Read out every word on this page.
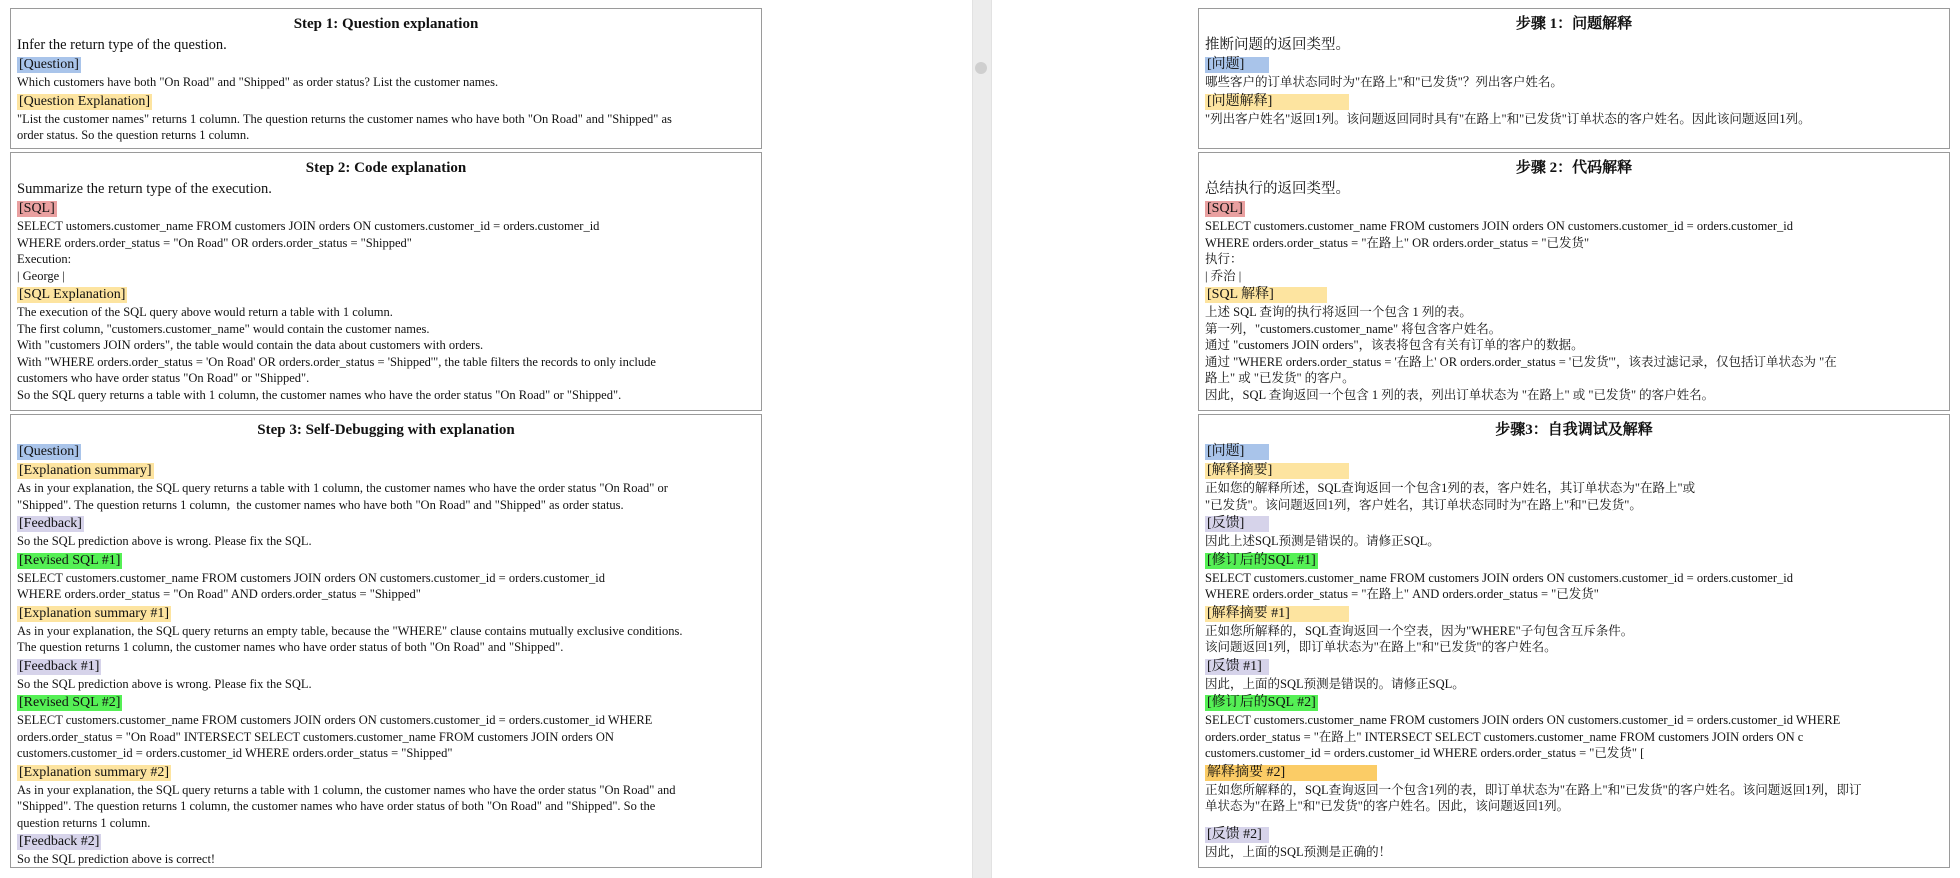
Step 1: Question explanation
Infer the return type of the question.
[Question]
Which customers have both "On Road" and "Shipped" as order status? List the customer names.
[Question Explanation]
"List the customer names" returns 1 column. The question returns the customer names who have both "On Road" and "Shipped" as
order status. So the question returns 1 column.
Step 2: Code explanation
Summarize the return type of the execution.
[SQL]
SELECT ustomers.customer_name FROM customers JOIN orders ON customers.customer_id = orders.customer_id
WHERE orders.order_status = "On Road" OR orders.order_status = "Shipped"
Execution:
| George |
[SQL Explanation]
The execution of the SQL query above would return a table with 1 column.
The first column, "customers.customer_name" would contain the customer names.
With "customers JOIN orders", the table would contain the data about customers with orders.
With "WHERE orders.order_status = 'On Road' OR orders.order_status = 'Shipped'", the table filters the records to only include
customers who have order status "On Road" or "Shipped".
So the SQL query returns a table with 1 column, the customer names who have the order status "On Road" or "Shipped".
Step 3: Self-Debugging with explanation
[Question]
[Explanation summary]
As in your explanation, the SQL query returns a table with 1 column, the customer names who have the order status "On Road" or
"Shipped". The question returns 1 column,  the customer names who have both "On Road" and "Shipped" as order status.
[Feedback]
So the SQL prediction above is wrong. Please fix the SQL.
[Revised SQL #1]
SELECT customers.customer_name FROM customers JOIN orders ON customers.customer_id = orders.customer_id
WHERE orders.order_status = "On Road" AND orders.order_status = "Shipped"
[Explanation summary #1]
As in your explanation, the SQL query returns an empty table, because the "WHERE" clause contains mutually exclusive conditions.
The question returns 1 column, the customer names who have order status of both "On Road" and "Shipped".
[Feedback #1]
So the SQL prediction above is wrong. Please fix the SQL.
[Revised SQL #2]
SELECT customers.customer_name FROM customers JOIN orders ON customers.customer_id = orders.customer_id WHERE
orders.order_status = "On Road" INTERSECT SELECT customers.customer_name FROM customers JOIN orders ON
customers.customer_id = orders.customer_id WHERE orders.order_status = "Shipped"
[Explanation summary #2]
As in your explanation, the SQL query returns a table with 1 column, the customer names who have the order status "On Road" and
"Shipped". The question returns 1 column, the customer names who have order status of both "On Road" and "Shipped". So the
question returns 1 column.
[Feedback #2]
So the SQL prediction above is correct!
步骤 1：问题解释
推断问题的返回类型。
[问题]
哪些客户的订单状态同时为"在路上"和"已发货"？列出客户姓名。
[问题解释]
"列出客户姓名"返回1列。该问题返回同时具有"在路上"和"已发货"订单状态的客户姓名。因此该问题返回1列。
步骤 2：代码解释
总结执行的返回类型。
[SQL]
SELECT customers.customer_name FROM customers JOIN orders ON customers.customer_id = orders.customer_id
WHERE orders.order_status = "在路上" OR orders.order_status = "已发货"
执行：
| 乔治 |
[SQL 解释]
上述 SQL 查询的执行将返回一个包含 1 列的表。
第一列，"customers.customer_name" 将包含客户姓名。
通过 "customers JOIN orders"，该表将包含有关有订单的客户的数据。
通过 "WHERE orders.order_status = '在路上' OR orders.order_status = '已发货'"，该表过滤记录，仅包括订单状态为 "在
路上" 或 "已发货" 的客户。
因此，SQL 查询返回一个包含 1 列的表，列出订单状态为 "在路上" 或 "已发货" 的客户姓名。
步骤3：自我调试及解释
[问题]
[解释摘要]
正如您的解释所述，SQL查询返回一个包含1列的表，客户姓名，其订单状态为"在路上"或
"已发货"。该问题返回1列，客户姓名，其订单状态同时为"在路上"和"已发货"。
[反馈]
因此上述SQL预测是错误的。请修正SQL。
[修订后的SQL #1]
SELECT customers.customer_name FROM customers JOIN orders ON customers.customer_id = orders.customer_id
WHERE orders.order_status = "在路上" AND orders.order_status = "已发货"
[解释摘要 #1]
正如您所解释的，SQL查询返回一个空表，因为"WHERE"子句包含互斥条件。
该问题返回1列，即订单状态为"在路上"和"已发货"的客户姓名。
[反馈 #1]
因此，上面的SQL预测是错误的。请修正SQL。
[修订后的SQL #2]
SELECT customers.customer_name FROM customers JOIN orders ON customers.customer_id = orders.customer_id WHERE
orders.order_status = "在路上" INTERSECT SELECT customers.customer_name FROM customers JOIN orders ON c
customers.customer_id = orders.customer_id WHERE orders.order_status = "已发货" [
解释摘要 #2]
正如您所解释的，SQL查询返回一个包含1列的表，即订单状态为"在路上"和"已发货"的客户姓名。该问题返回1列，即订
单状态为"在路上"和"已发货"的客户姓名。因此，该问题返回1列。
[反馈 #2]
因此，上面的SQL预测是正确的！
